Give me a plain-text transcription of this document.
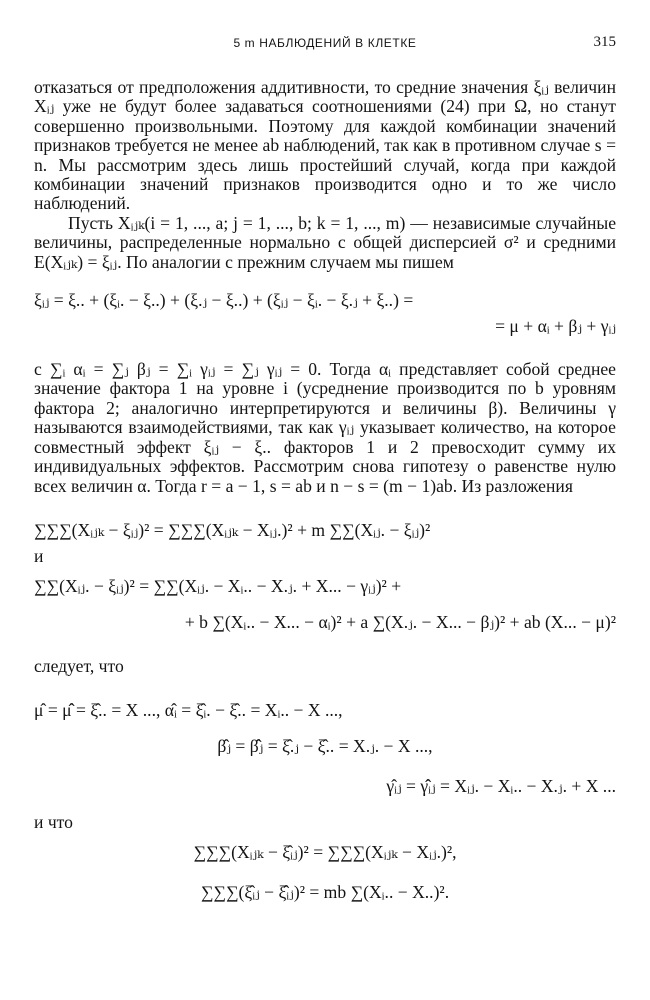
5 m НАБЛЮДЕНИЙ В КЛЕТКЕ	315

отказаться от предположения аддитивности, то средние значения ξᵢⱼ величин Xᵢⱼ уже не будут более задаваться соотношениями (24) при Ω, но станут совершенно произвольными. Поэтому для каждой комбинации значений признаков требуется не менее ab наблюдений, так как в противном случае s = n. Мы рассмотрим здесь лишь простейший случай, когда при каждой комбинации значений признаков производится одно и то же число наблюдений.

Пусть Xᵢⱼₖ(i = 1, ..., a; j = 1, ..., b; k = 1, ..., m) — независимые случайные величины, распределенные нормально с общей дисперсией σ² и средними E(Xᵢⱼₖ) = ξᵢⱼ. По аналогии с прежним случаем мы пишем

ξᵢⱼ = ξ.. + (ξᵢ. − ξ..) + (ξ.ⱼ − ξ..) + (ξᵢⱼ − ξᵢ. − ξ.ⱼ + ξ..) =
= μ + αᵢ + βⱼ + γᵢⱼ

с ∑ᵢ αᵢ = ∑ⱼ βⱼ = ∑ᵢ γᵢⱼ = ∑ⱼ γᵢⱼ = 0. Тогда αᵢ представляет собой среднее значение фактора 1 на уровне i (усреднение производится по b уровням фактора 2; аналогично интерпретируются и величины β). Величины γ называются взаимодействиями, так как γᵢⱼ указывает количество, на которое совместный эффект ξᵢⱼ − ξ.. факторов 1 и 2 превосходит сумму их индивидуальных эффектов. Рассмотрим снова гипотезу о равенстве нулю всех величин α. Тогда r = a − 1, s = ab и n − s = (m − 1)ab. Из разложения

∑∑∑(Xᵢⱼₖ − ξᵢⱼ)² = ∑∑∑(Xᵢⱼₖ − Xᵢⱼ.)² + m ∑∑(Xᵢⱼ. − ξᵢⱼ)²
и
∑∑(Xᵢⱼ. − ξᵢⱼ)² = ∑∑(Xᵢⱼ. − Xᵢ.. − X.ⱼ. + X... − γᵢⱼ)² +
+ b ∑(Xᵢ.. − X... − αᵢ)² + a ∑(X.ⱼ. − X... − βⱼ)² + ab (X... − μ)²
следует, что
μ̂ = μ̂̂ = ξ̂.. = X ..., α̂ᵢ = ξ̂ᵢ. − ξ̂.. = Xᵢ.. − X ...,
β̂ⱼ = β̂̂ⱼ = ξ̂.ⱼ − ξ̂.. = X.ⱼ. − X ...,
γ̂ᵢⱼ = γ̂̂ᵢⱼ = Xᵢⱼ. − Xᵢ.. − X.ⱼ. + X ...
и что
∑∑∑(Xᵢⱼₖ − ξ̂ᵢⱼ)² = ∑∑∑(Xᵢⱼₖ − Xᵢⱼ.)²,
∑∑∑(ξ̂ᵢⱼ − ξ̂̂ᵢⱼ)² = mb ∑(Xᵢ.. − X..)².
